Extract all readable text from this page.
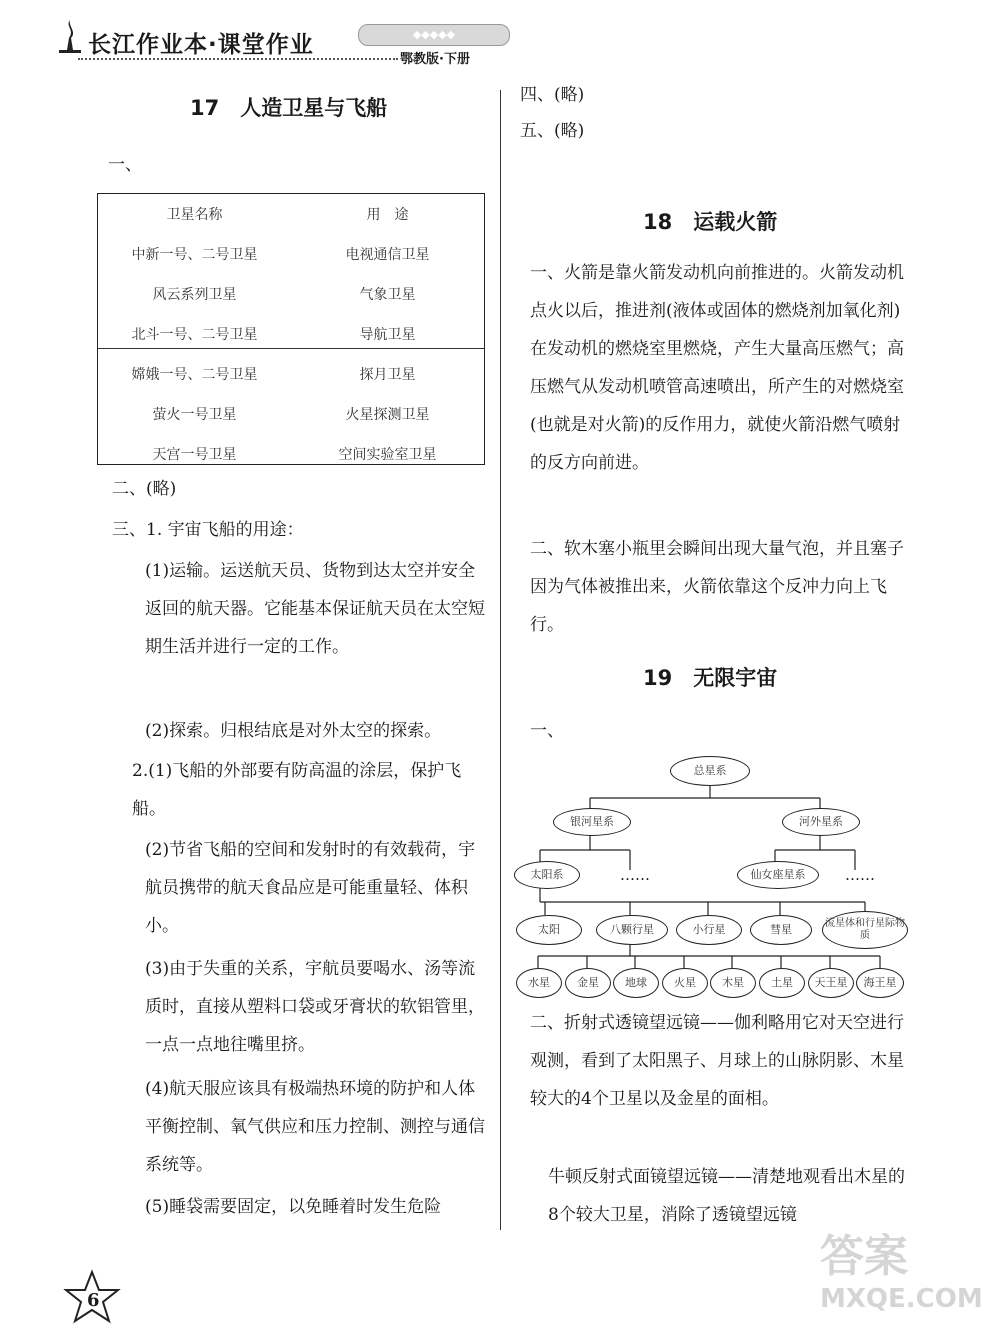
长江作业本·课堂作业	◆◆◆◆◆
鄂教版·下册
17　人造卫星与飞船
一、
卫星名称	用　途
中新一号、二号卫星	电视通信卫星
风云系列卫星	气象卫星
北斗一号、二号卫星	导航卫星
嫦娥一号、二号卫星	探月卫星
萤火一号卫星	火星探测卫星
天宫一号卫星	空间实验室卫星
二、(略)
三、1. 宇宙飞船的用途：
(1)运输。运送航天员、货物到达太空并安全返回的航天器。它能基本保证航天员在太空短期生活并进行一定的工作。
(2)探索。归根结底是对外太空的探索。
2.(1)飞船的外部要有防高温的涂层，保护飞船。
(2)节省飞船的空间和发射时的有效载荷，宇航员携带的航天食品应是可能重量轻、体积小。
(3)由于失重的关系，宇航员要喝水、汤等流质时，直接从塑料口袋或牙膏状的软铝管里，一点一点地往嘴里挤。
(4)航天服应该具有极端热环境的防护和人体平衡控制、氧气供应和压力控制、测控与通信系统等。
(5)睡袋需要固定，以免睡着时发生危险
6
四、(略)
五、(略)
18　运载火箭
一、火箭是靠火箭发动机向前推进的。火箭发动机点火以后，推进剂(液体或固体的燃烧剂加氧化剂)在发动机的燃烧室里燃烧，产生大量高压燃气；高压燃气从发动机喷管高速喷出，所产生的对燃烧室(也就是对火箭)的反作用力，就使火箭沿燃气喷射的反方向前进。
二、软木塞小瓶里会瞬间出现大量气泡，并且塞子因为气体被推出来，火箭依靠这个反冲力向上飞行。
19　无限宇宙
一、
总星系
银河星系	河外星系
太阳系	……	仙女座星系	……
太阳	八颗行星	小行星	彗星	流星体和行星际物质
水星	金星	地球	火星	木星	土星	天王星	海王星
二、折射式透镜望远镜——伽利略用它对天空进行观测，看到了太阳黑子、月球上的山脉阴影、木星较大的4个卫星以及金星的面相。
牛顿反射式面镜望远镜——清楚地观看出木星的8个较大卫星，消除了透镜望远镜
答案
MXQE.COM
